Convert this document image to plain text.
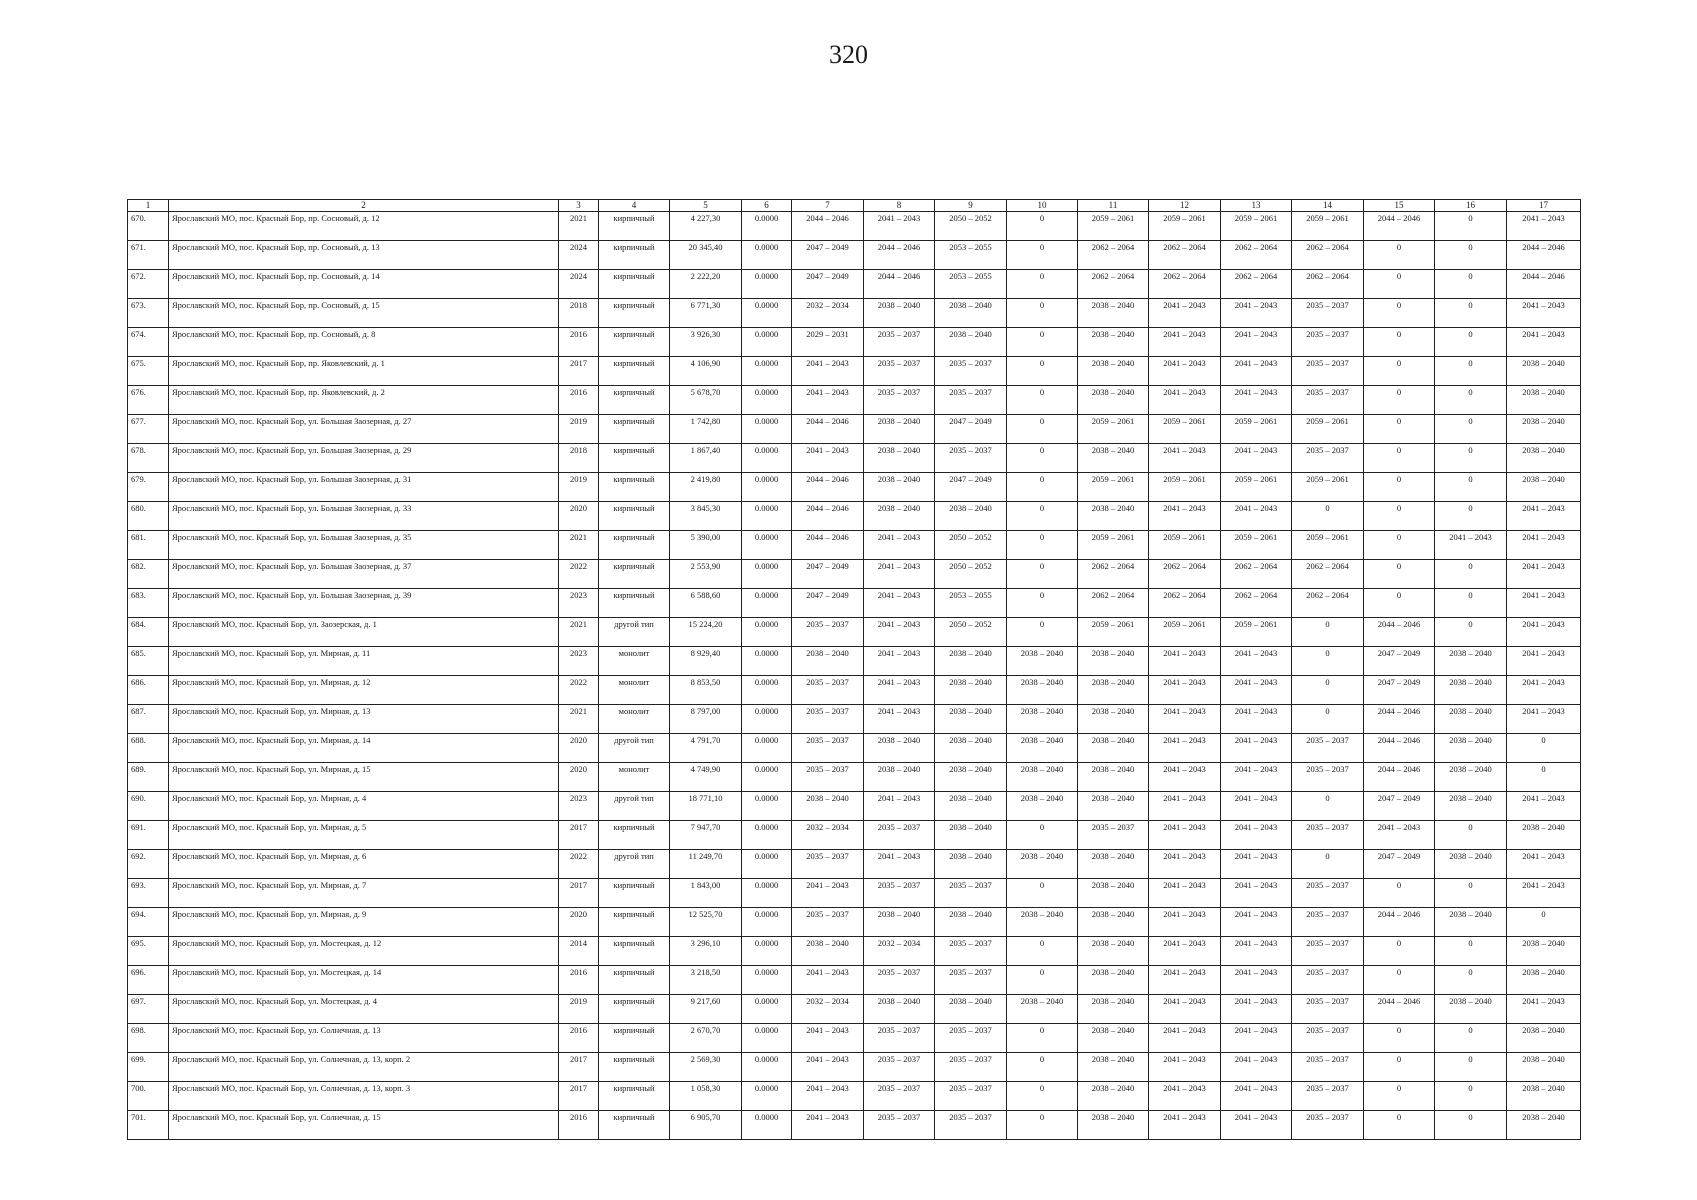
320
1	2	3	4	5	6	7	8	9	10	11	12	13	14	15	16	17
670.	Ярославский МО, пос. Красный Бор, пр. Сосновый, д. 12	2021	кирпичный	4 227,30	0.0000	2044 – 2046	2041 – 2043	2050 – 2052	0	2059 – 2061	2059 – 2061	2059 – 2061	2059 – 2061	2044 – 2046	0	2041 – 2043
671.	Ярославский МО, пос. Красный Бор, пр. Сосновый, д. 13	2024	кирпичный	20 345,40	0.0000	2047 – 2049	2044 – 2046	2053 – 2055	0	2062 – 2064	2062 – 2064	2062 – 2064	2062 – 2064	0	0	2044 – 2046
672.	Ярославский МО, пос. Красный Бор, пр. Сосновый, д. 14	2024	кирпичный	2 222,20	0.0000	2047 – 2049	2044 – 2046	2053 – 2055	0	2062 – 2064	2062 – 2064	2062 – 2064	2062 – 2064	0	0	2044 – 2046
673.	Ярославский МО, пос. Красный Бор, пр. Сосновый, д. 15	2018	кирпичный	6 771,30	0.0000	2032 – 2034	2038 – 2040	2038 – 2040	0	2038 – 2040	2041 – 2043	2041 – 2043	2035 – 2037	0	0	2041 – 2043
674.	Ярославский МО, пос. Красный Бор, пр. Сосновый, д. 8	2016	кирпичный	3 926,30	0.0000	2029 – 2031	2035 – 2037	2038 – 2040	0	2038 – 2040	2041 – 2043	2041 – 2043	2035 – 2037	0	0	2041 – 2043
675.	Ярославский МО, пос. Красный Бор, пр. Яковлевский, д. 1	2017	кирпичный	4 106,90	0.0000	2041 – 2043	2035 – 2037	2035 – 2037	0	2038 – 2040	2041 – 2043	2041 – 2043	2035 – 2037	0	0	2038 – 2040
676.	Ярославский МО, пос. Красный Бор, пр. Яковлевский, д. 2	2016	кирпичный	5 678,70	0.0000	2041 – 2043	2035 – 2037	2035 – 2037	0	2038 – 2040	2041 – 2043	2041 – 2043	2035 – 2037	0	0	2038 – 2040
677.	Ярославский МО, пос. Красный Бор, ул. Большая Заозерная, д. 27	2019	кирпичный	1 742,80	0.0000	2044 – 2046	2038 – 2040	2047 – 2049	0	2059 – 2061	2059 – 2061	2059 – 2061	2059 – 2061	0	0	2038 – 2040
678.	Ярославский МО, пос. Красный Бор, ул. Большая Заозерная, д. 29	2018	кирпичный	1 867,40	0.0000	2041 – 2043	2038 – 2040	2035 – 2037	0	2038 – 2040	2041 – 2043	2041 – 2043	2035 – 2037	0	0	2038 – 2040
679.	Ярославский МО, пос. Красный Бор, ул. Большая Заозерная, д. 31	2019	кирпичный	2 419,80	0.0000	2044 – 2046	2038 – 2040	2047 – 2049	0	2059 – 2061	2059 – 2061	2059 – 2061	2059 – 2061	0	0	2038 – 2040
680.	Ярославский МО, пос. Красный Бор, ул. Большая Заозерная, д. 33	2020	кирпичный	3 845,30	0.0000	2044 – 2046	2038 – 2040	2038 – 2040	0	2038 – 2040	2041 – 2043	2041 – 2043	0	0	0	2041 – 2043
681.	Ярославский МО, пос. Красный Бор, ул. Большая Заозерная, д. 35	2021	кирпичный	5 390,00	0.0000	2044 – 2046	2041 – 2043	2050 – 2052	0	2059 – 2061	2059 – 2061	2059 – 2061	2059 – 2061	0	2041 – 2043	2041 – 2043
682.	Ярославский МО, пос. Красный Бор, ул. Большая Заозерная, д. 37	2022	кирпичный	2 553,90	0.0000	2047 – 2049	2041 – 2043	2050 – 2052	0	2062 – 2064	2062 – 2064	2062 – 2064	2062 – 2064	0	0	2041 – 2043
683.	Ярославский МО, пос. Красный Бор, ул. Большая Заозерная, д. 39	2023	кирпичный	6 588,60	0.0000	2047 – 2049	2041 – 2043	2053 – 2055	0	2062 – 2064	2062 – 2064	2062 – 2064	2062 – 2064	0	0	2041 – 2043
684.	Ярославский МО, пос. Красный Бор, ул. Заозерская, д. 1	2021	другой тип	15 224,20	0.0000	2035 – 2037	2041 – 2043	2050 – 2052	0	2059 – 2061	2059 – 2061	2059 – 2061	0	2044 – 2046	0	2041 – 2043
685.	Ярославский МО, пос. Красный Бор, ул. Мирная, д. 11	2023	монолит	8 929,40	0.0000	2038 – 2040	2041 – 2043	2038 – 2040	2038 – 2040	2038 – 2040	2041 – 2043	2041 – 2043	0	2047 – 2049	2038 – 2040	2041 – 2043
686.	Ярославский МО, пос. Красный Бор, ул. Мирная, д. 12	2022	монолит	8 853,50	0.0000	2035 – 2037	2041 – 2043	2038 – 2040	2038 – 2040	2038 – 2040	2041 – 2043	2041 – 2043	0	2047 – 2049	2038 – 2040	2041 – 2043
687.	Ярославский МО, пос. Красный Бор, ул. Мирная, д. 13	2021	монолит	8 797,00	0.0000	2035 – 2037	2041 – 2043	2038 – 2040	2038 – 2040	2038 – 2040	2041 – 2043	2041 – 2043	0	2044 – 2046	2038 – 2040	2041 – 2043
688.	Ярославский МО, пос. Красный Бор, ул. Мирная, д. 14	2020	другой тип	4 791,70	0.0000	2035 – 2037	2038 – 2040	2038 – 2040	2038 – 2040	2038 – 2040	2041 – 2043	2041 – 2043	2035 – 2037	2044 – 2046	2038 – 2040	0
689.	Ярославский МО, пос. Красный Бор, ул. Мирная, д. 15	2020	монолит	4 749,90	0.0000	2035 – 2037	2038 – 2040	2038 – 2040	2038 – 2040	2038 – 2040	2041 – 2043	2041 – 2043	2035 – 2037	2044 – 2046	2038 – 2040	0
690.	Ярославский МО, пос. Красный Бор, ул. Мирная, д. 4	2023	другой тип	18 771,10	0.0000	2038 – 2040	2041 – 2043	2038 – 2040	2038 – 2040	2038 – 2040	2041 – 2043	2041 – 2043	0	2047 – 2049	2038 – 2040	2041 – 2043
691.	Ярославский МО, пос. Красный Бор, ул. Мирная, д. 5	2017	кирпичный	7 947,70	0.0000	2032 – 2034	2035 – 2037	2038 – 2040	0	2035 – 2037	2041 – 2043	2041 – 2043	2035 – 2037	2041 – 2043	0	2038 – 2040
692.	Ярославский МО, пос. Красный Бор, ул. Мирная, д. 6	2022	другой тип	11 249,70	0.0000	2035 – 2037	2041 – 2043	2038 – 2040	2038 – 2040	2038 – 2040	2041 – 2043	2041 – 2043	0	2047 – 2049	2038 – 2040	2041 – 2043
693.	Ярославский МО, пос. Красный Бор, ул. Мирная, д. 7	2017	кирпичный	1 843,00	0.0000	2041 – 2043	2035 – 2037	2035 – 2037	0	2038 – 2040	2041 – 2043	2041 – 2043	2035 – 2037	0	0	2041 – 2043
694.	Ярославский МО, пос. Красный Бор, ул. Мирная, д. 9	2020	кирпичный	12 525,70	0.0000	2035 – 2037	2038 – 2040	2038 – 2040	2038 – 2040	2038 – 2040	2041 – 2043	2041 – 2043	2035 – 2037	2044 – 2046	2038 – 2040	0
695.	Ярославский МО, пос. Красный Бор, ул. Мостецкая, д. 12	2014	кирпичный	3 296,10	0.0000	2038 – 2040	2032 – 2034	2035 – 2037	0	2038 – 2040	2041 – 2043	2041 – 2043	2035 – 2037	0	0	2038 – 2040
696.	Ярославский МО, пос. Красный Бор, ул. Мостецкая, д. 14	2016	кирпичный	3 218,50	0.0000	2041 – 2043	2035 – 2037	2035 – 2037	0	2038 – 2040	2041 – 2043	2041 – 2043	2035 – 2037	0	0	2038 – 2040
697.	Ярославский МО, пос. Красный Бор, ул. Мостецкая, д. 4	2019	кирпичный	9 217,60	0.0000	2032 – 2034	2038 – 2040	2038 – 2040	2038 – 2040	2038 – 2040	2041 – 2043	2041 – 2043	2035 – 2037	2044 – 2046	2038 – 2040	2041 – 2043
698.	Ярославский МО, пос. Красный Бор, ул. Солнечная, д. 13	2016	кирпичный	2 670,70	0.0000	2041 – 2043	2035 – 2037	2035 – 2037	0	2038 – 2040	2041 – 2043	2041 – 2043	2035 – 2037	0	0	2038 – 2040
699.	Ярославский МО, пос. Красный Бор, ул. Солнечная, д. 13, корп. 2	2017	кирпичный	2 569,30	0.0000	2041 – 2043	2035 – 2037	2035 – 2037	0	2038 – 2040	2041 – 2043	2041 – 2043	2035 – 2037	0	0	2038 – 2040
700.	Ярославский МО, пос. Красный Бор, ул. Солнечная, д. 13, корп. 3	2017	кирпичный	1 058,30	0.0000	2041 – 2043	2035 – 2037	2035 – 2037	0	2038 – 2040	2041 – 2043	2041 – 2043	2035 – 2037	0	0	2038 – 2040
701.	Ярославский МО, пос. Красный Бор, ул. Солнечная, д. 15	2016	кирпичный	6 905,70	0.0000	2041 – 2043	2035 – 2037	2035 – 2037	0	2038 – 2040	2041 – 2043	2041 – 2043	2035 – 2037	0	0	2038 – 2040
